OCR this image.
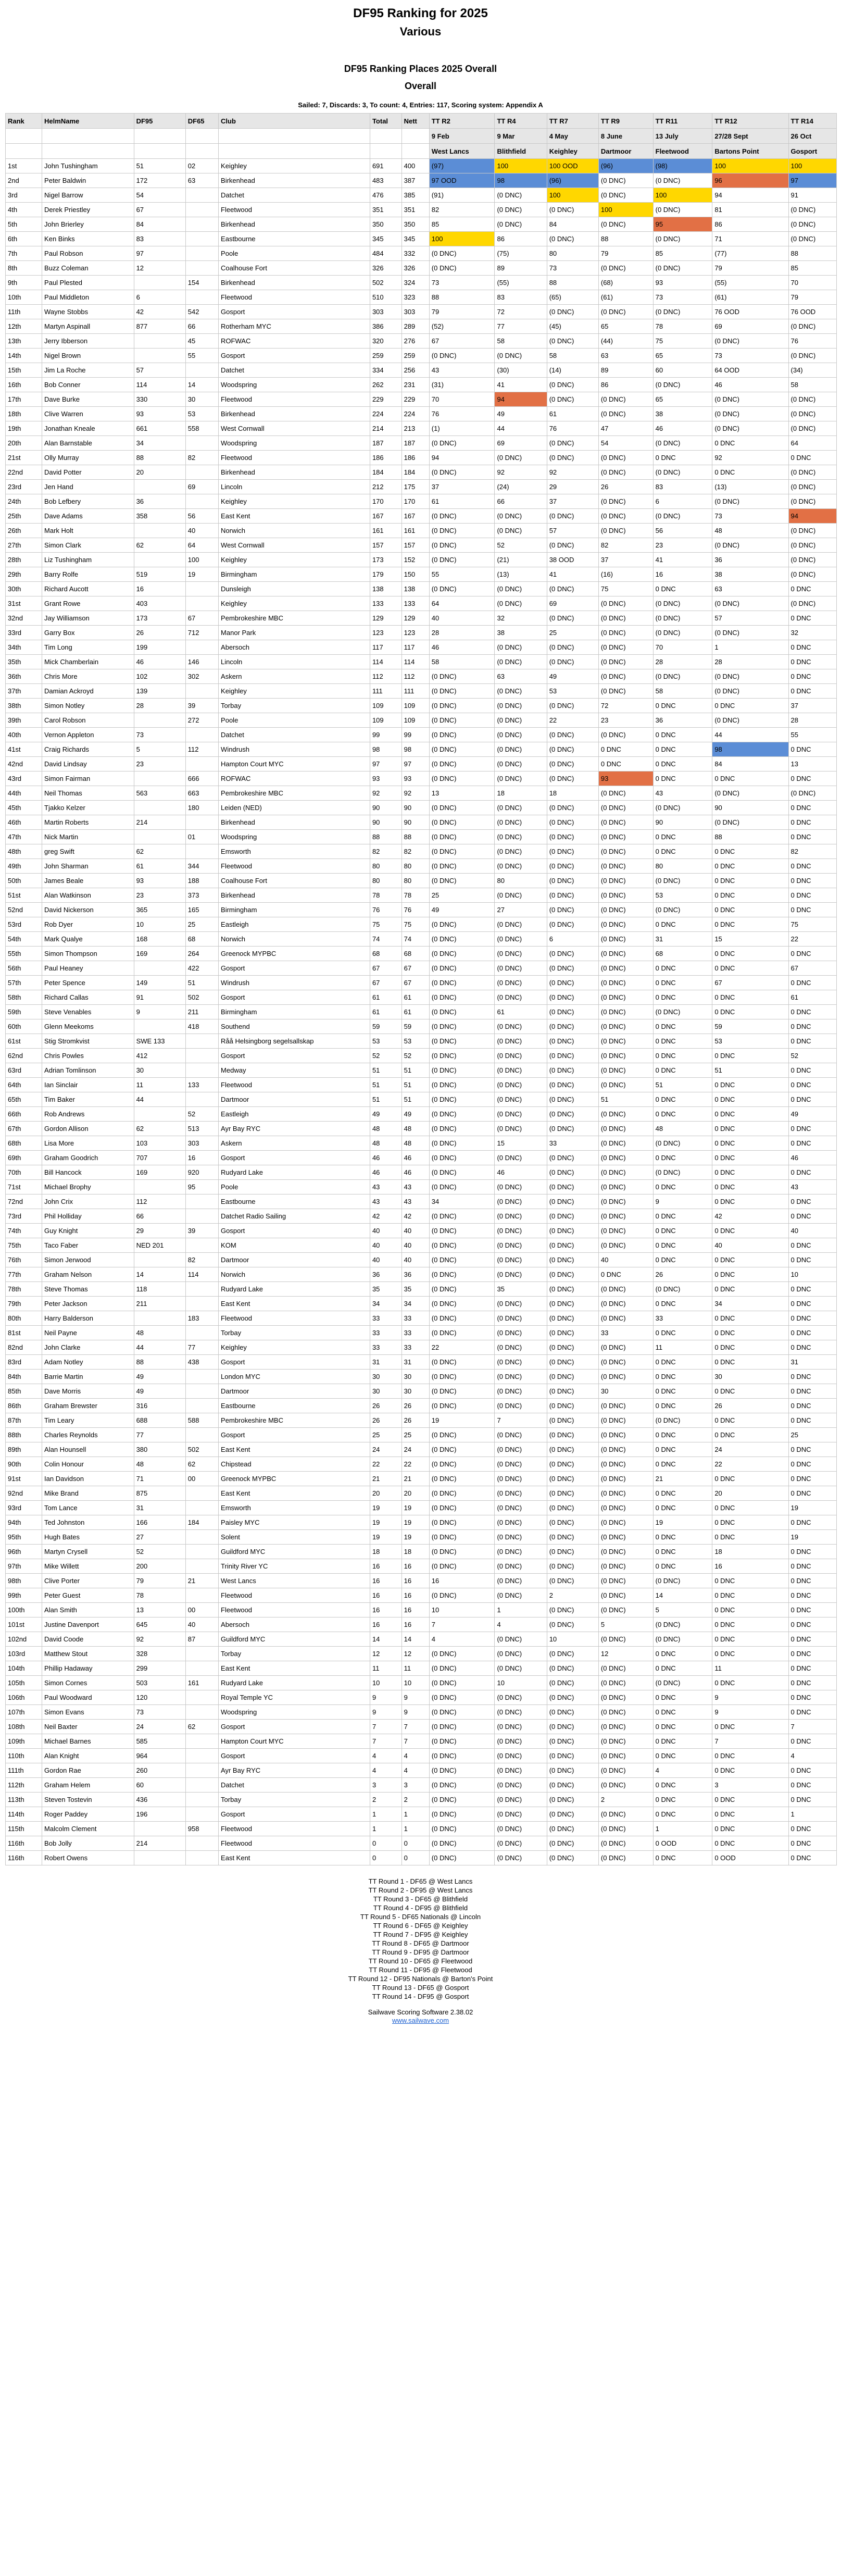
DF95 Ranking for 2025
Various
DF95 Ranking Places 2025 Overall
Overall
Sailed: 7, Discards: 3, To count: 4, Entries: 117, Scoring system: Appendix A
Rank	HelmName	DF95	DF65	Club	Total	Nett	TT R2	TT R4	TT R7	TT R9	TT R11	TT R12	TT R14
							9 Feb	9 Mar	4 May	8 June	13 July	27/28 Sept	26 Oct
							West Lancs	Blithfield	Keighley	Dartmoor	Fleetwood	Bartons Point	Gosport
1st	John Tushingham	51	02	Keighley	691	400	(97)	100	100 OOD	(96)	(98)	100	100
2nd	Peter Baldwin	172	63	Birkenhead	483	387	97 OOD	98	(96)	(0 DNC)	(0 DNC)	96	97
3rd	Nigel Barrow	54		Datchet	476	385	(91)	(0 DNC)	100	(0 DNC)	100	94	91
4th	Derek Priestley	67		Fleetwood	351	351	82	(0 DNC)	(0 DNC)	100	(0 DNC)	81	(0 DNC)
5th	John Brierley	84		Birkenhead	350	350	85	(0 DNC)	84	(0 DNC)	95	86	(0 DNC)
6th	Ken Binks	83		Eastbourne	345	345	100	86	(0 DNC)	88	(0 DNC)	71	(0 DNC)
7th	Paul Robson	97		Poole	484	332	(0 DNC)	(75)	80	79	85	(77)	88
8th	Buzz Coleman	12		Coalhouse Fort	326	326	(0 DNC)	89	73	(0 DNC)	(0 DNC)	79	85
9th	Paul Plested		154	Birkenhead	502	324	73	(55)	88	(68)	93	(55)	70
10th	Paul Middleton	6		Fleetwood	510	323	88	83	(65)	(61)	73	(61)	79
11th	Wayne Stobbs	42	542	Gosport	303	303	79	72	(0 DNC)	(0 DNC)	(0 DNC)	76 OOD	76 OOD
12th	Martyn Aspinall	877	66	Rotherham MYC	386	289	(52)	77	(45)	65	78	69	(0 DNC)
13th	Jerry Ibberson		45	ROFWAC	320	276	67	58	(0 DNC)	(44)	75	(0 DNC)	76
14th	Nigel Brown		55	Gosport	259	259	(0 DNC)	(0 DNC)	58	63	65	73	(0 DNC)
15th	Jim La Roche	57		Datchet	334	256	43	(30)	(14)	89	60	64 OOD	(34)
16th	Bob Conner	114	14	Woodspring	262	231	(31)	41	(0 DNC)	86	(0 DNC)	46	58
17th	Dave Burke	330	30	Fleetwood	229	229	70	94	(0 DNC)	(0 DNC)	65	(0 DNC)	(0 DNC)
18th	Clive Warren	93	53	Birkenhead	224	224	76	49	61	(0 DNC)	38	(0 DNC)	(0 DNC)
19th	Jonathan Kneale	661	558	West Cornwall	214	213	(1)	44	76	47	46	(0 DNC)	(0 DNC)
20th	Alan Barnstable	34		Woodspring	187	187	(0 DNC)	69	(0 DNC)	54	(0 DNC)	0 DNC	64
21st	Olly Murray	88	82	Fleetwood	186	186	94	(0 DNC)	(0 DNC)	(0 DNC)	0 DNC	92	0 DNC
22nd	David Potter	20		Birkenhead	184	184	(0 DNC)	92	92	(0 DNC)	(0 DNC)	0 DNC	(0 DNC)
23rd	Jen Hand		69	Lincoln	212	175	37	(24)	29	26	83	(13)	(0 DNC)
24th	Bob Lefbery	36		Keighley	170	170	61	66	37	(0 DNC)	6	(0 DNC)	(0 DNC)
25th	Dave Adams	358	56	East Kent	167	167	(0 DNC)	(0 DNC)	(0 DNC)	(0 DNC)	(0 DNC)	73	94
26th	Mark Holt		40	Norwich	161	161	(0 DNC)	(0 DNC)	57	(0 DNC)	56	48	(0 DNC)
27th	Simon Clark	62	64	West Cornwall	157	157	(0 DNC)	52	(0 DNC)	82	23	(0 DNC)	(0 DNC)
28th	Liz Tushingham		100	Keighley	173	152	(0 DNC)	(21)	38 OOD	37	41	36	(0 DNC)
29th	Barry Rolfe	519	19	Birmingham	179	150	55	(13)	41	(16)	16	38	(0 DNC)
30th	Richard Aucott	16		Dunsleigh	138	138	(0 DNC)	(0 DNC)	(0 DNC)	75	0 DNC	63	0 DNC
31st	Grant Rowe	403		Keighley	133	133	64	(0 DNC)	69	(0 DNC)	(0 DNC)	(0 DNC)	(0 DNC)
32nd	Jay Williamson	173	67	Pembrokeshire MBC	129	129	40	32	(0 DNC)	(0 DNC)	(0 DNC)	57	0 DNC
33rd	Garry Box	26	712	Manor Park	123	123	28	38	25	(0 DNC)	(0 DNC)	(0 DNC)	32
34th	Tim Long	199		Abersoch	117	117	46	(0 DNC)	(0 DNC)	(0 DNC)	70	1	0 DNC
35th	Mick Chamberlain	46	146	Lincoln	114	114	58	(0 DNC)	(0 DNC)	(0 DNC)	28	28	0 DNC
36th	Chris More	102	302	Askern	112	112	(0 DNC)	63	49	(0 DNC)	(0 DNC)	(0 DNC)	0 DNC
37th	Damian Ackroyd	139		Keighley	111	111	(0 DNC)	(0 DNC)	53	(0 DNC)	58	(0 DNC)	0 DNC
38th	Simon Notley	28	39	Torbay	109	109	(0 DNC)	(0 DNC)	(0 DNC)	72	0 DNC	0 DNC	37
39th	Carol Robson		272	Poole	109	109	(0 DNC)	(0 DNC)	22	23	36	(0 DNC)	28
40th	Vernon Appleton	73		Datchet	99	99	(0 DNC)	(0 DNC)	(0 DNC)	(0 DNC)	0 DNC	44	55
41st	Craig Richards	5	112	Windrush	98	98	(0 DNC)	(0 DNC)	(0 DNC)	0 DNC	0 DNC	98	0 DNC
42nd	David Lindsay	23		Hampton Court MYC	97	97	(0 DNC)	(0 DNC)	(0 DNC)	0 DNC	0 DNC	84	13
43rd	Simon Fairman		666	ROFWAC	93	93	(0 DNC)	(0 DNC)	(0 DNC)	93	0 DNC	0 DNC	0 DNC
44th	Neil Thomas	563	663	Pembrokeshire MBC	92	92	13	18	18	(0 DNC)	43	(0 DNC)	(0 DNC)
45th	Tjakko Kelzer		180	Leiden (NED)	90	90	(0 DNC)	(0 DNC)	(0 DNC)	(0 DNC)	(0 DNC)	90	0 DNC
46th	Martin Roberts	214		Birkenhead	90	90	(0 DNC)	(0 DNC)	(0 DNC)	(0 DNC)	90	(0 DNC)	0 DNC
47th	Nick Martin		01	Woodspring	88	88	(0 DNC)	(0 DNC)	(0 DNC)	(0 DNC)	0 DNC	88	0 DNC
48th	greg Swift	62		Emsworth	82	82	(0 DNC)	(0 DNC)	(0 DNC)	(0 DNC)	0 DNC	0 DNC	82
49th	John Sharman	61	344	Fleetwood	80	80	(0 DNC)	(0 DNC)	(0 DNC)	(0 DNC)	80	0 DNC	0 DNC
50th	James Beale	93	188	Coalhouse Fort	80	80	(0 DNC)	80	(0 DNC)	(0 DNC)	(0 DNC)	0 DNC	0 DNC
51st	Alan Watkinson	23	373	Birkenhead	78	78	25	(0 DNC)	(0 DNC)	(0 DNC)	53	0 DNC	0 DNC
52nd	David Nickerson	365	165	Birmingham	76	76	49	27	(0 DNC)	(0 DNC)	(0 DNC)	0 DNC	0 DNC
53rd	Rob Dyer	10	25	Eastleigh	75	75	(0 DNC)	(0 DNC)	(0 DNC)	(0 DNC)	0 DNC	0 DNC	75
54th	Mark Qualye	168	68	Norwich	74	74	(0 DNC)	(0 DNC)	6	(0 DNC)	31	15	22
55th	Simon Thompson	169	264	Greenock MYPBC	68	68	(0 DNC)	(0 DNC)	(0 DNC)	(0 DNC)	68	0 DNC	0 DNC
56th	Paul Heaney		422	Gosport	67	67	(0 DNC)	(0 DNC)	(0 DNC)	(0 DNC)	0 DNC	0 DNC	67
57th	Peter Spence	149	51	Windrush	67	67	(0 DNC)	(0 DNC)	(0 DNC)	(0 DNC)	0 DNC	67	0 DNC
58th	Richard Callas	91	502	Gosport	61	61	(0 DNC)	(0 DNC)	(0 DNC)	(0 DNC)	0 DNC	0 DNC	61
59th	Steve Venables	9	211	Birmingham	61	61	(0 DNC)	61	(0 DNC)	(0 DNC)	(0 DNC)	0 DNC	0 DNC
60th	Glenn Meekoms		418	Southend	59	59	(0 DNC)	(0 DNC)	(0 DNC)	(0 DNC)	0 DNC	59	0 DNC
61st	Stig Stromkvist	SWE 133		Råå Helsingborg segelsallskap	53	53	(0 DNC)	(0 DNC)	(0 DNC)	(0 DNC)	0 DNC	53	0 DNC
62nd	Chris Powles	412		Gosport	52	52	(0 DNC)	(0 DNC)	(0 DNC)	(0 DNC)	0 DNC	0 DNC	52
63rd	Adrian Tomlinson	30		Medway	51	51	(0 DNC)	(0 DNC)	(0 DNC)	(0 DNC)	0 DNC	51	0 DNC
64th	Ian Sinclair	11	133	Fleetwood	51	51	(0 DNC)	(0 DNC)	(0 DNC)	(0 DNC)	51	0 DNC	0 DNC
65th	Tim Baker	44		Dartmoor	51	51	(0 DNC)	(0 DNC)	(0 DNC)	51	0 DNC	0 DNC	0 DNC
66th	Rob Andrews		52	Eastleigh	49	49	(0 DNC)	(0 DNC)	(0 DNC)	(0 DNC)	0 DNC	0 DNC	49
67th	Gordon Allison	62	513	Ayr Bay RYC	48	48	(0 DNC)	(0 DNC)	(0 DNC)	(0 DNC)	48	0 DNC	0 DNC
68th	Lisa More	103	303	Askern	48	48	(0 DNC)	15	33	(0 DNC)	(0 DNC)	0 DNC	0 DNC
69th	Graham Goodrich	707	16	Gosport	46	46	(0 DNC)	(0 DNC)	(0 DNC)	(0 DNC)	0 DNC	0 DNC	46
70th	Bill Hancock	169	920	Rudyard Lake	46	46	(0 DNC)	46	(0 DNC)	(0 DNC)	(0 DNC)	0 DNC	0 DNC
71st	Michael Brophy		95	Poole	43	43	(0 DNC)	(0 DNC)	(0 DNC)	(0 DNC)	0 DNC	0 DNC	43
72nd	John Crix	112		Eastbourne	43	43	34	(0 DNC)	(0 DNC)	(0 DNC)	9	0 DNC	0 DNC
73rd	Phil Holliday	66		Datchet Radio Sailing	42	42	(0 DNC)	(0 DNC)	(0 DNC)	(0 DNC)	0 DNC	42	0 DNC
74th	Guy Knight	29	39	Gosport	40	40	(0 DNC)	(0 DNC)	(0 DNC)	(0 DNC)	0 DNC	0 DNC	40
75th	Taco Faber	NED 201		KOM	40	40	(0 DNC)	(0 DNC)	(0 DNC)	(0 DNC)	0 DNC	40	0 DNC
76th	Simon Jerwood		82	Dartmoor	40	40	(0 DNC)	(0 DNC)	(0 DNC)	40	0 DNC	0 DNC	0 DNC
77th	Graham Nelson	14	114	Norwich	36	36	(0 DNC)	(0 DNC)	(0 DNC)	0 DNC	26	0 DNC	10
78th	Steve Thomas	118		Rudyard Lake	35	35	(0 DNC)	35	(0 DNC)	(0 DNC)	(0 DNC)	0 DNC	0 DNC
79th	Peter Jackson	211		East Kent	34	34	(0 DNC)	(0 DNC)	(0 DNC)	(0 DNC)	0 DNC	34	0 DNC
80th	Harry Balderson		183	Fleetwood	33	33	(0 DNC)	(0 DNC)	(0 DNC)	(0 DNC)	33	0 DNC	0 DNC
81st	Neil Payne	48		Torbay	33	33	(0 DNC)	(0 DNC)	(0 DNC)	33	0 DNC	0 DNC	0 DNC
82nd	John Clarke	44	77	Keighley	33	33	22	(0 DNC)	(0 DNC)	(0 DNC)	11	0 DNC	0 DNC
83rd	Adam Notley	88	438	Gosport	31	31	(0 DNC)	(0 DNC)	(0 DNC)	(0 DNC)	0 DNC	0 DNC	31
84th	Barrie Martin	49		London MYC	30	30	(0 DNC)	(0 DNC)	(0 DNC)	(0 DNC)	0 DNC	30	0 DNC
85th	Dave Morris	49		Dartmoor	30	30	(0 DNC)	(0 DNC)	(0 DNC)	30	0 DNC	0 DNC	0 DNC
86th	Graham Brewster	316		Eastbourne	26	26	(0 DNC)	(0 DNC)	(0 DNC)	(0 DNC)	0 DNC	26	0 DNC
87th	Tim Leary	688	588	Pembrokeshire MBC	26	26	19	7	(0 DNC)	(0 DNC)	(0 DNC)	0 DNC	0 DNC
88th	Charles Reynolds	77		Gosport	25	25	(0 DNC)	(0 DNC)	(0 DNC)	(0 DNC)	0 DNC	0 DNC	25
89th	Alan Hounsell	380	502	East Kent	24	24	(0 DNC)	(0 DNC)	(0 DNC)	(0 DNC)	0 DNC	24	0 DNC
90th	Colin Honour	48	62	Chipstead	22	22	(0 DNC)	(0 DNC)	(0 DNC)	(0 DNC)	0 DNC	22	0 DNC
91st	Ian Davidson	71	00	Greenock MYPBC	21	21	(0 DNC)	(0 DNC)	(0 DNC)	(0 DNC)	21	0 DNC	0 DNC
92nd	Mike Brand	875		East Kent	20	20	(0 DNC)	(0 DNC)	(0 DNC)	(0 DNC)	0 DNC	20	0 DNC
93rd	Tom Lance	31		Emsworth	19	19	(0 DNC)	(0 DNC)	(0 DNC)	(0 DNC)	0 DNC	0 DNC	19
94th	Ted Johnston	166	184	Paisley MYC	19	19	(0 DNC)	(0 DNC)	(0 DNC)	(0 DNC)	19	0 DNC	0 DNC
95th	Hugh Bates	27		Solent	19	19	(0 DNC)	(0 DNC)	(0 DNC)	(0 DNC)	0 DNC	0 DNC	19
96th	Martyn Crysell	52		Guildford MYC	18	18	(0 DNC)	(0 DNC)	(0 DNC)	(0 DNC)	0 DNC	18	0 DNC
97th	Mike Willett	200		Trinity River YC	16	16	(0 DNC)	(0 DNC)	(0 DNC)	(0 DNC)	0 DNC	16	0 DNC
98th	Clive Porter	79	21	West Lancs	16	16	16	(0 DNC)	(0 DNC)	(0 DNC)	(0 DNC)	0 DNC	0 DNC
99th	Peter Guest	78		Fleetwood	16	16	(0 DNC)	(0 DNC)	2	(0 DNC)	14	0 DNC	0 DNC
100th	Alan Smith	13	00	Fleetwood	16	16	10	1	(0 DNC)	(0 DNC)	5	0 DNC	0 DNC
101st	Justine Davenport	645	40	Abersoch	16	16	7	4	(0 DNC)	5	(0 DNC)	0 DNC	0 DNC
102nd	David Coode	92	87	Guildford MYC	14	14	4	(0 DNC)	10	(0 DNC)	(0 DNC)	0 DNC	0 DNC
103rd	Matthew Stout	328		Torbay	12	12	(0 DNC)	(0 DNC)	(0 DNC)	12	0 DNC	0 DNC	0 DNC
104th	Phillip Hadaway	299		East Kent	11	11	(0 DNC)	(0 DNC)	(0 DNC)	(0 DNC)	0 DNC	11	0 DNC
105th	Simon Cornes	503	161	Rudyard Lake	10	10	(0 DNC)	10	(0 DNC)	(0 DNC)	(0 DNC)	0 DNC	0 DNC
106th	Paul Woodward	120		Royal Temple YC	9	9	(0 DNC)	(0 DNC)	(0 DNC)	(0 DNC)	0 DNC	9	0 DNC
107th	Simon Evans	73		Woodspring	9	9	(0 DNC)	(0 DNC)	(0 DNC)	(0 DNC)	0 DNC	9	0 DNC
108th	Neil Baxter	24	62	Gosport	7	7	(0 DNC)	(0 DNC)	(0 DNC)	(0 DNC)	0 DNC	0 DNC	7
109th	Michael Barnes	585		Hampton Court MYC	7	7	(0 DNC)	(0 DNC)	(0 DNC)	(0 DNC)	0 DNC	7	0 DNC
110th	Alan Knight	964		Gosport	4	4	(0 DNC)	(0 DNC)	(0 DNC)	(0 DNC)	0 DNC	0 DNC	4
111th	Gordon Rae	260		Ayr Bay RYC	4	4	(0 DNC)	(0 DNC)	(0 DNC)	(0 DNC)	4	0 DNC	0 DNC
112th	Graham Helem	60		Datchet	3	3	(0 DNC)	(0 DNC)	(0 DNC)	(0 DNC)	0 DNC	3	0 DNC
113th	Steven Tostevin	436		Torbay	2	2	(0 DNC)	(0 DNC)	(0 DNC)	2	0 DNC	0 DNC	0 DNC
114th	Roger Paddey	196		Gosport	1	1	(0 DNC)	(0 DNC)	(0 DNC)	(0 DNC)	0 DNC	0 DNC	1
115th	Malcolm Clement		958	Fleetwood	1	1	(0 DNC)	(0 DNC)	(0 DNC)	(0 DNC)	1	0 DNC	0 DNC
116th	Bob Jolly	214		Fleetwood	0	0	(0 DNC)	(0 DNC)	(0 DNC)	(0 DNC)	0 OOD	0 DNC	0 DNC
116th	Robert Owens			East Kent	0	0	(0 DNC)	(0 DNC)	(0 DNC)	(0 DNC)	0 DNC	0 OOD	0 DNC
TT Round 1 - DF65 @ West Lancs
TT Round 2 - DF95 @ West Lancs
TT Round 3 - DF65 @ Blithfield
TT Round 4 - DF95 @ Blithfield
TT Round 5 - DF65 Nationals @ Lincoln
TT Round 6 - DF65 @ Keighley
TT Round 7 - DF95 @ Keighley
TT Round 8 - DF65 @ Dartmoor
TT Round 9 - DF95 @ Dartmoor
TT Round 10 - DF65 @ Fleetwood
TT Round 11 - DF95 @ Fleetwood
TT Round 12 - DF95 Nationals @ Barton's Point
TT Round 13 - DF65 @ Gosport
TT Round 14 - DF95 @ Gosport
Sailwave Scoring Software 2.38.02
www.sailwave.com
